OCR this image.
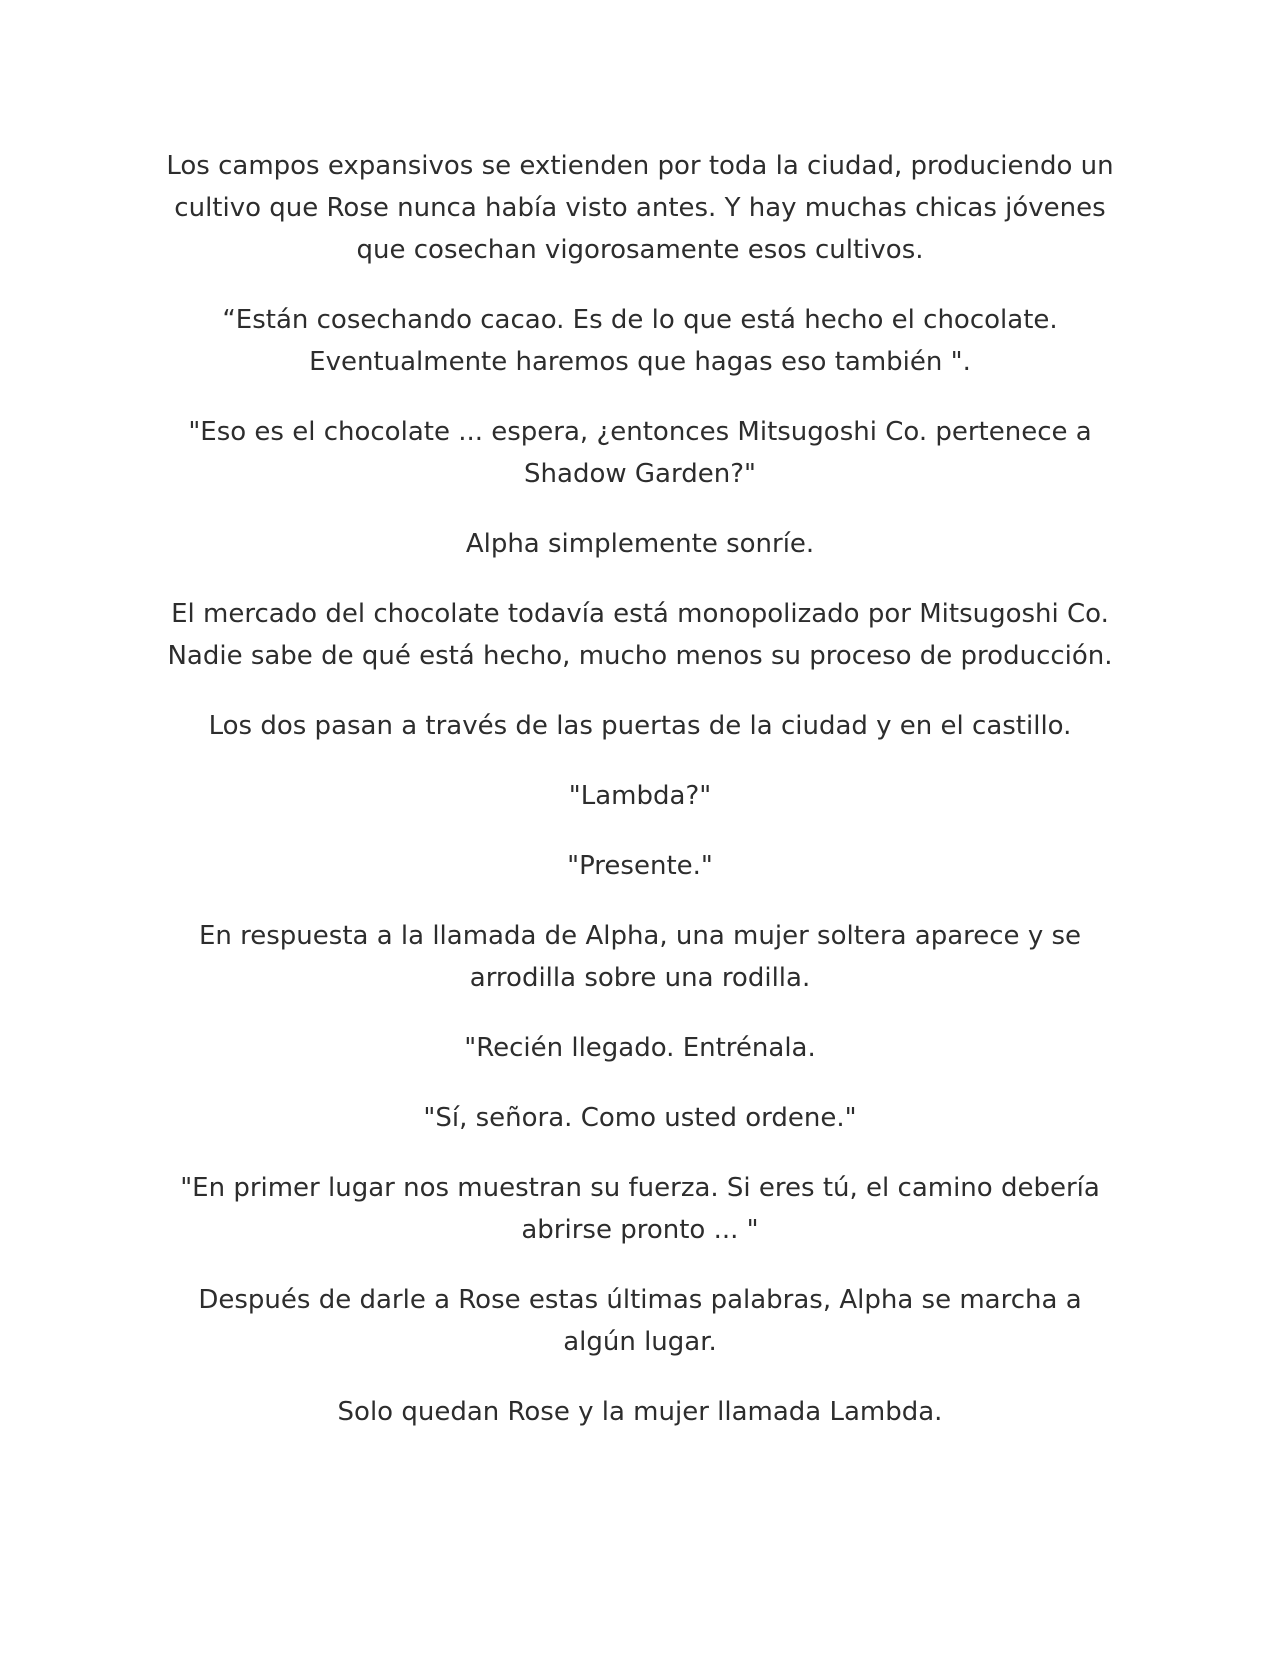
Los campos expansivos se extienden por toda la ciudad, produciendo un cultivo que Rose nunca había visto antes. Y hay muchas chicas jóvenes que cosechan vigorosamente esos cultivos.

“Están cosechando cacao. Es de lo que está hecho el chocolate. Eventualmente haremos que hagas eso también ".

"Eso es el chocolate ... espera, ¿entonces Mitsugoshi Co. pertenece a Shadow Garden?"

Alpha simplemente sonríe.

El mercado del chocolate todavía está monopolizado por Mitsugoshi Co. Nadie sabe de qué está hecho, mucho menos su proceso de producción.

Los dos pasan a través de las puertas de la ciudad y en el castillo.

"Lambda?"

"Presente."

En respuesta a la llamada de Alpha, una mujer soltera aparece y se arrodilla sobre una rodilla.

"Recién llegado. Entrénala.

"Sí, señora. Como usted ordene."

"En primer lugar nos muestran su fuerza. Si eres tú, el camino debería abrirse pronto ... "

Después de darle a Rose estas últimas palabras, Alpha se marcha a algún lugar.

Solo quedan Rose y la mujer llamada Lambda.
